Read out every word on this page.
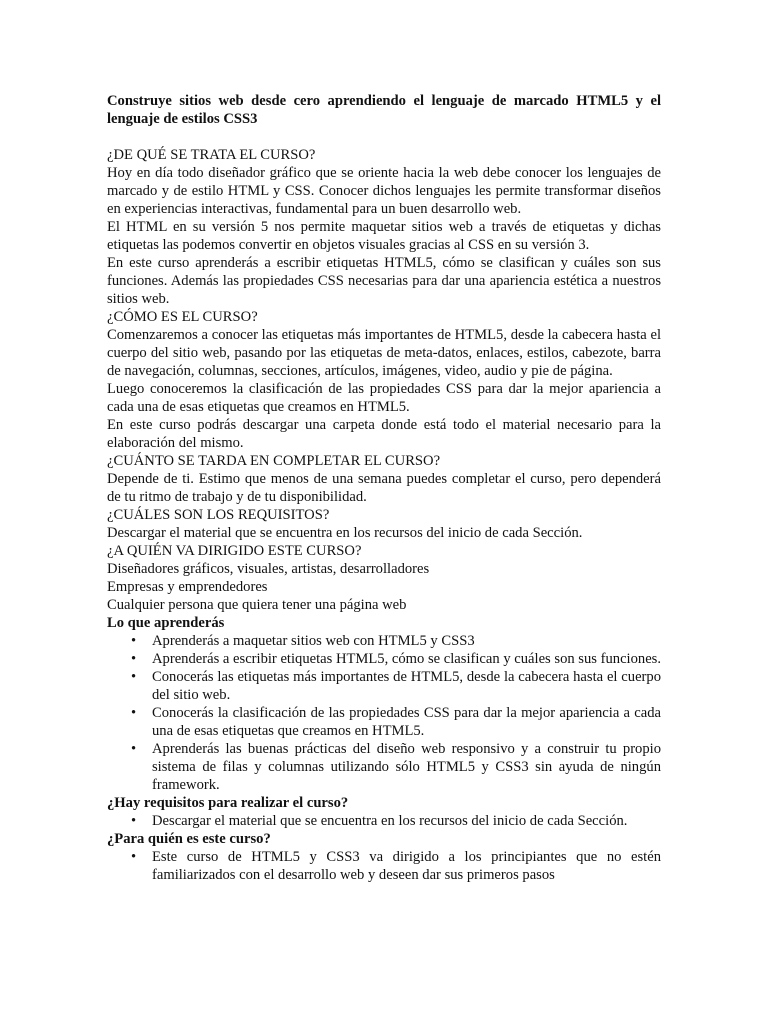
Construye sitios web desde cero aprendiendo el lenguaje de marcado HTML5 y el lenguaje de estilos CSS3

¿DE QUÉ SE TRATA EL CURSO?

Hoy en día todo diseñador gráfico que se oriente hacia la web debe conocer los lenguajes de marcado y de estilo HTML y CSS. Conocer dichos lenguajes les permite transformar diseños en experiencias interactivas, fundamental para un buen desarrollo web.

El HTML en su versión 5 nos permite maquetar sitios web a través de etiquetas y dichas etiquetas las podemos convertir en objetos visuales gracias al CSS en su versión 3.

En este curso aprenderás a escribir etiquetas HTML5, cómo se clasifican y cuáles son sus funciones. Además las propiedades CSS necesarias para dar una apariencia estética a nuestros sitios web.

¿CÓMO ES EL CURSO?

Comenzaremos a conocer las etiquetas más importantes de HTML5, desde la cabecera hasta el cuerpo del sitio web, pasando por las etiquetas de meta-datos, enlaces, estilos, cabezote, barra de navegación, columnas, secciones, artículos, imágenes, video, audio y pie de página.

Luego conoceremos la clasificación de las propiedades CSS para dar la mejor apariencia a cada una de esas etiquetas que creamos en HTML5.

En este curso podrás descargar una carpeta donde está todo el material necesario para la elaboración del mismo.

¿CUÁNTO SE TARDA EN COMPLETAR EL CURSO?

Depende de ti. Estimo que menos de una semana puedes completar el curso, pero dependerá de tu ritmo de trabajo y de tu disponibilidad.

¿CUÁLES SON LOS REQUISITOS?

Descargar el material que se encuentra en los recursos del inicio de cada Sección.

¿A QUIÉN VA DIRIGIDO ESTE CURSO?

Diseñadores gráficos, visuales, artistas, desarrolladores

Empresas y emprendedores

Cualquier persona que quiera tener una página web

Lo que aprenderás

• Aprenderás a maquetar sitios web con HTML5 y CSS3
• Aprenderás a escribir etiquetas HTML5, cómo se clasifican y cuáles son sus funciones.
• Conocerás las etiquetas más importantes de HTML5, desde la cabecera hasta el cuerpo del sitio web.
• Conocerás la clasificación de las propiedades CSS para dar la mejor apariencia a cada una de esas etiquetas que creamos en HTML5.
• Aprenderás las buenas prácticas del diseño web responsivo y a construir tu propio sistema de filas y columnas utilizando sólo HTML5 y CSS3 sin ayuda de ningún framework.

¿Hay requisitos para realizar el curso?

• Descargar el material que se encuentra en los recursos del inicio de cada Sección.

¿Para quién es este curso?

• Este curso de HTML5 y CSS3 va dirigido a los principiantes que no estén familiarizados con el desarrollo web y deseen dar sus primeros pasos
